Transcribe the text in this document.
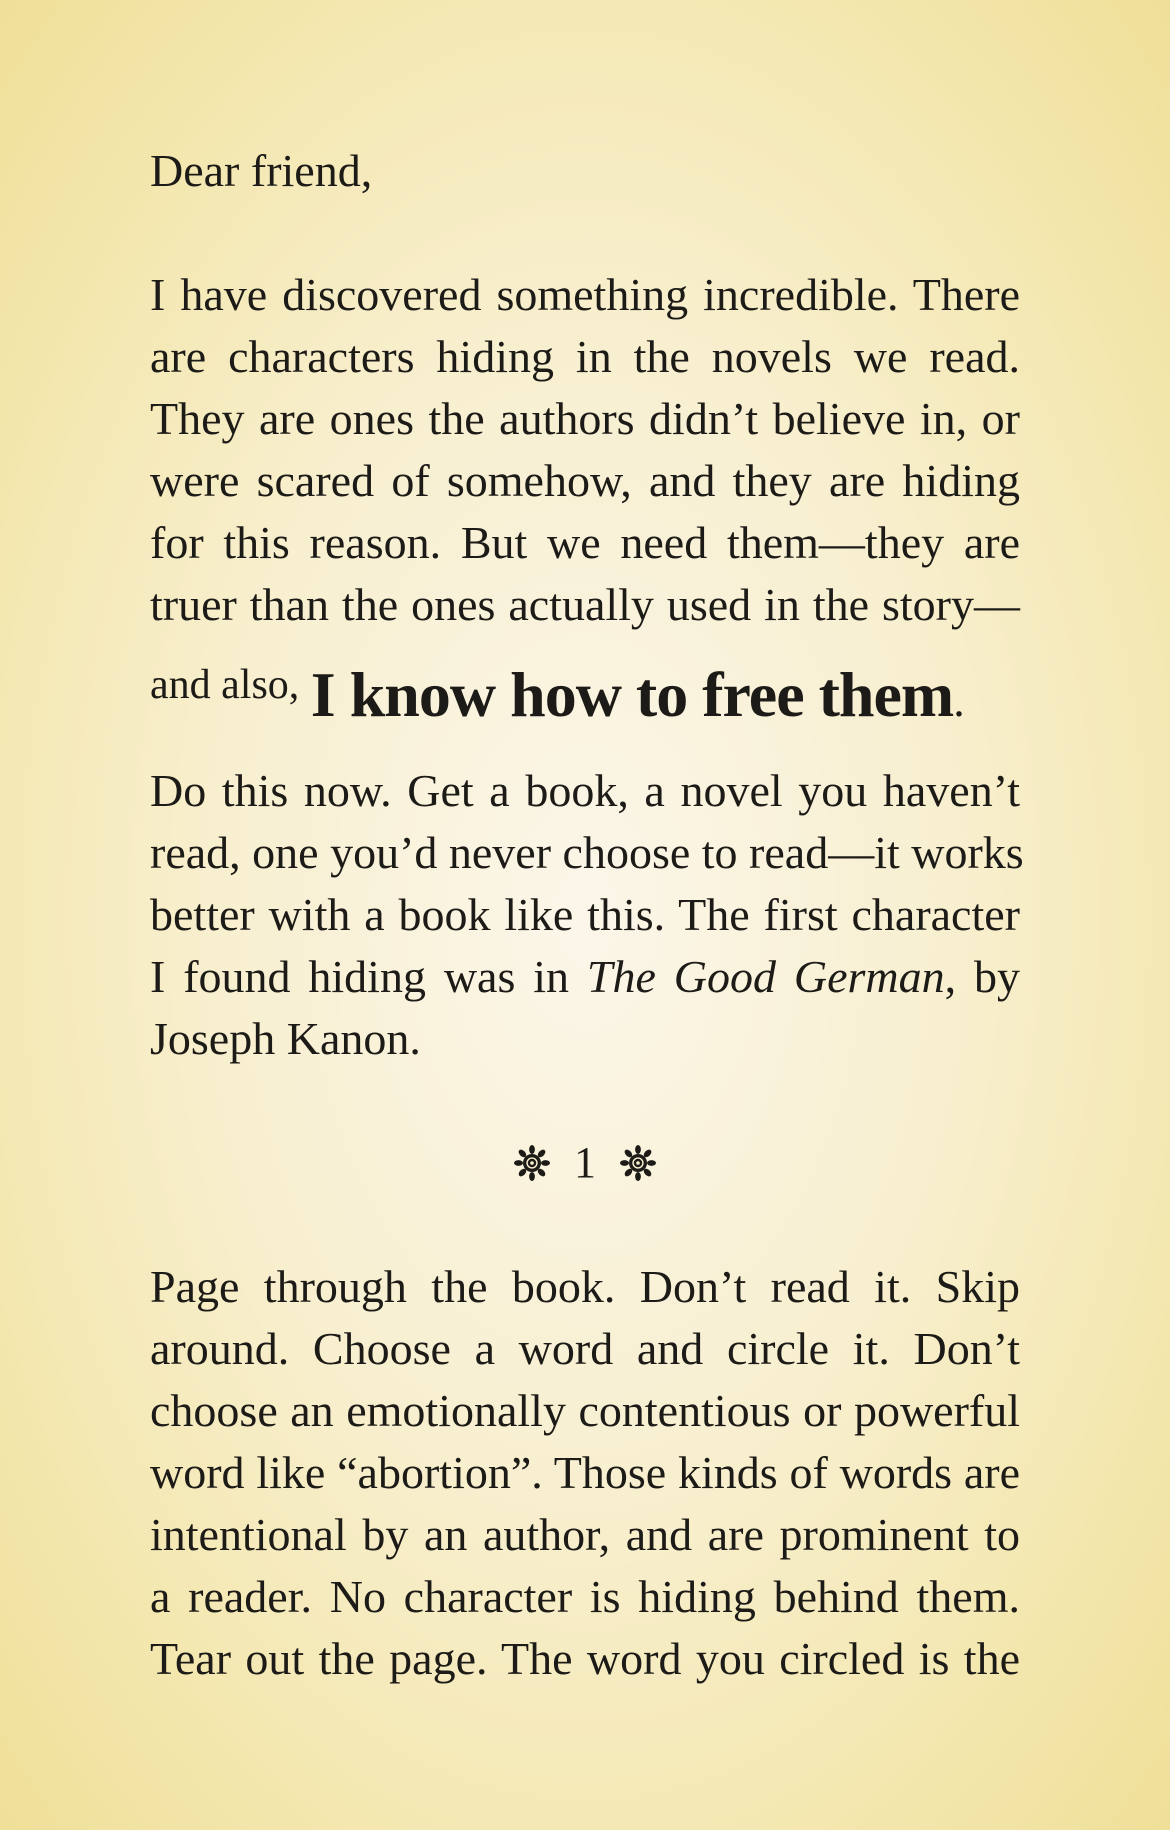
Dear friend,
I have discovered something incredible. There
are characters hiding in the novels we read.
They are ones the authors didn’t believe in, or
were scared of somehow, and they are hiding
for this reason. But we need them—they are
truer than the ones actually used in the story—
and also, I know how to free them.
Do this now. Get a book, a novel you haven’t
read, one you’d never choose to read—it works
better with a book like this. The first character
I found hiding was in The Good German, by
Joseph Kanon.
1
Page through the book. Don’t read it. Skip
around. Choose a word and circle it. Don’t
choose an emotionally contentious or powerful
word like “abortion”. Those kinds of words are
intentional by an author, and are prominent to
a reader. No character is hiding behind them.
Tear out the page. The word you circled is the
